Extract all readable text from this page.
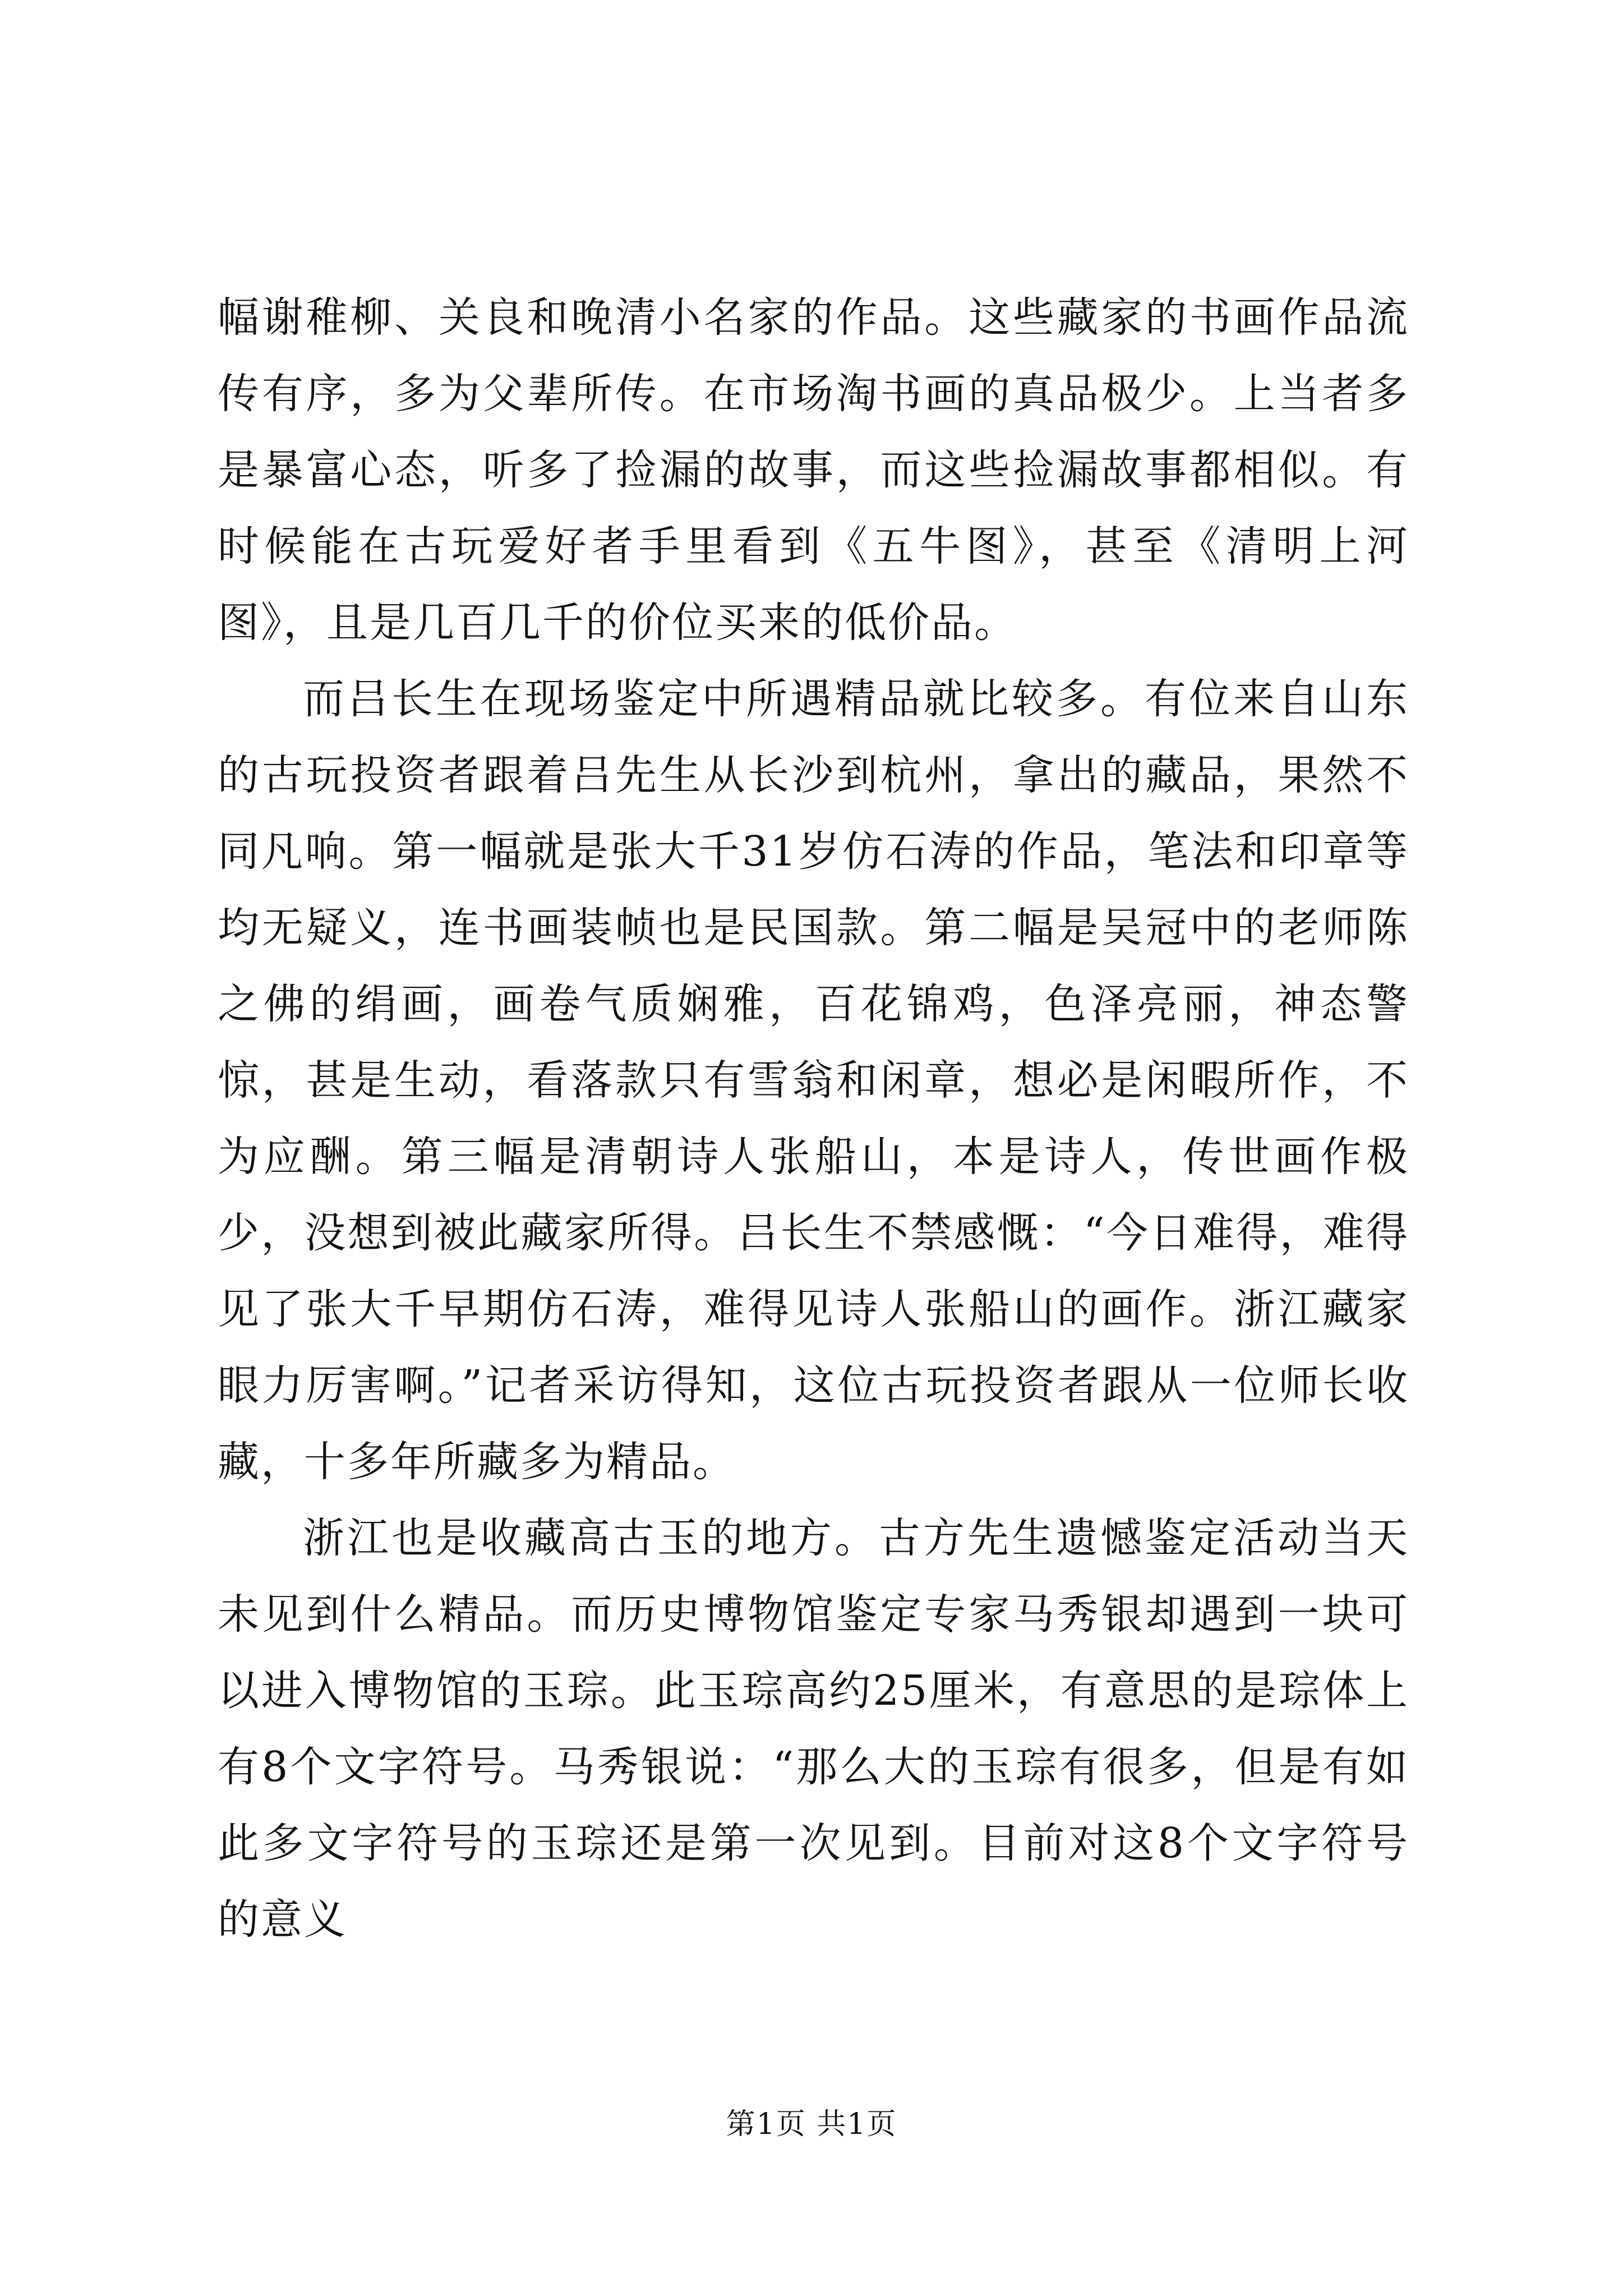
幅谢稚柳、关良和晚清小名家的作品。这些藏家的书画作品流传有序，多为父辈所传。在市场淘书画的真品极少。上当者多是暴富心态，听多了捡漏的故事，而这些捡漏故事都相似。有时候能在古玩爱好者手里看到《五牛图》，甚至《清明上河图》，且是几百几千的价位买来的低价品。

而吕长生在现场鉴定中所遇精品就比较多。有位来自山东的古玩投资者跟着吕先生从长沙到杭州，拿出的藏品，果然不同凡响。第一幅就是张大千31岁仿石涛的作品，笔法和印章等均无疑义，连书画装帧也是民国款。第二幅是吴冠中的老师陈之佛的绢画，画卷气质娴雅，百花锦鸡，色泽亮丽，神态警惊，甚是生动，看落款只有雪翁和闲章，想必是闲暇所作，不为应酬。第三幅是清朝诗人张船山，本是诗人，传世画作极少，没想到被此藏家所得。吕长生不禁感慨：“今日难得，难得见了张大千早期仿石涛，难得见诗人张船山的画作。浙江藏家眼力厉害啊。”记者采访得知，这位古玩投资者跟从一位师长收藏，十多年所藏多为精品。

浙江也是收藏高古玉的地方。古方先生遗憾鉴定活动当天未见到什么精品。而历史博物馆鉴定专家马秀银却遇到一块可以进入博物馆的玉琮。此玉琮高约25厘米，有意思的是琮体上有8个文字符号。马秀银说：“那么大的玉琮有很多，但是有如此多文字符号的玉琮还是第一次见到。目前对这8个文字符号的意义

第1页 共1页
